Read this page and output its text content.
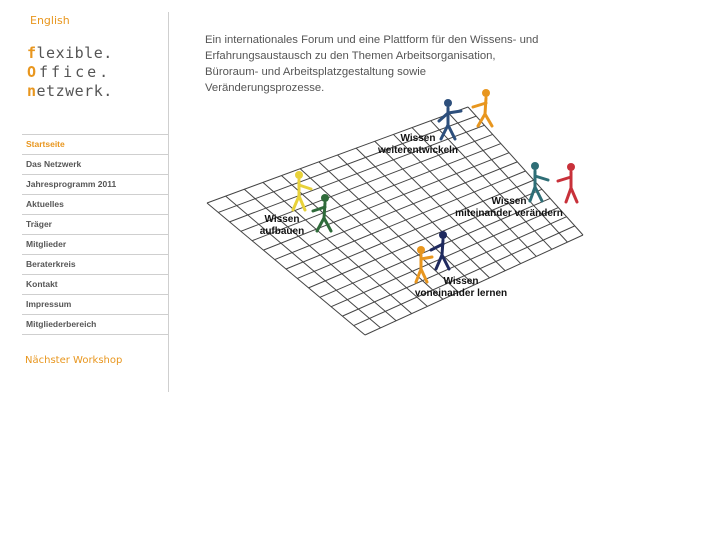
English
flexible.
Office.
netzwerk.
Startseite
Das Netzwerk
Jahresprogramm 2011
Aktuelles
Träger
Mitglieder
Beraterkreis
Kontakt
Impressum
Mitgliederbereich
Nächster Workshop

Ein internationales Forum und eine Plattform für den Wissens- und Erfahrungsaustausch zu den Themen Arbeitsorganisation, Büroraum- und Arbeitsplatzgestaltung sowie Veränderungsprozesse.

Wissen
weiterentwickeln
Wissen
miteinander verändern
Wissen
aufbauen
Wissen
voneinander lernen
